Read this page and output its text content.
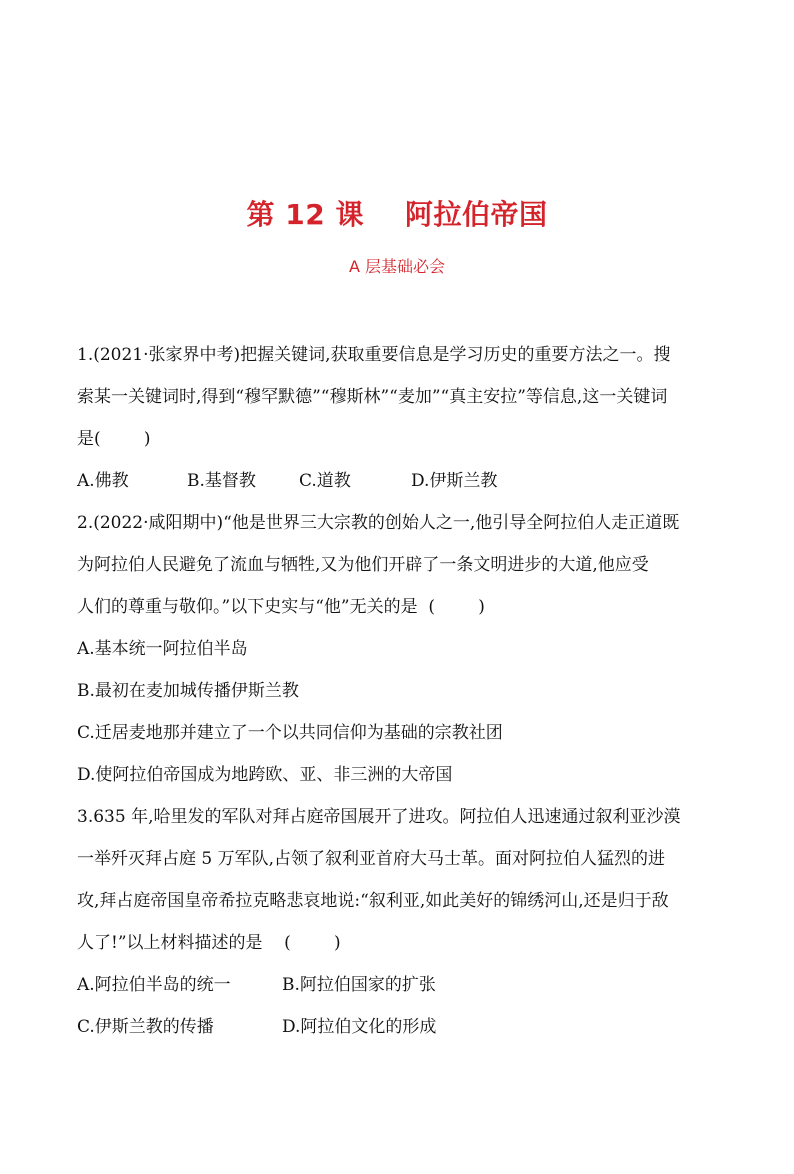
第 12 课    阿拉伯帝国
A 层基础必会
1.(2021·张家界中考)把握关键词,获取重要信息是学习历史的重要方法之一。搜
索某一关键词时,得到“穆罕默德”“穆斯林”“麦加”“真主安拉”等信息,这一关键词
是(        )

A.佛教

	B.基督教

	C.道教

	D.伊斯兰教

2.(2022·咸阳期中)“他是世界三大宗教的创始人之一,他引导全阿拉伯人走正道既
为阿拉伯人民避免了流血与牺牲,又为他们开辟了一条文明进步的大道,他应受
人们的尊重与敬仰。”以下史实与“他”无关的是  (        )
A.基本统一阿拉伯半岛
B.最初在麦加城传播伊斯兰教
C.迁居麦地那并建立了一个以共同信仰为基础的宗教社团
D.使阿拉伯帝国成为地跨欧、亚、非三洲的大帝国
3.635 年,哈里发的军队对拜占庭帝国展开了进攻。阿拉伯人迅速通过叙利亚沙漠
一举歼灭拜占庭 5 万军队,占领了叙利亚首府大马士革。面对阿拉伯人猛烈的进
攻,拜占庭帝国皇帝希拉克略悲哀地说:“叙利亚,如此美好的锦绣河山,还是归于敌
人了!”以上材料描述的是    (        )

A.阿拉伯半岛的统一

	B.阿拉伯国家的扩张

C.伊斯兰教的传播

	D.阿拉伯文化的形成
